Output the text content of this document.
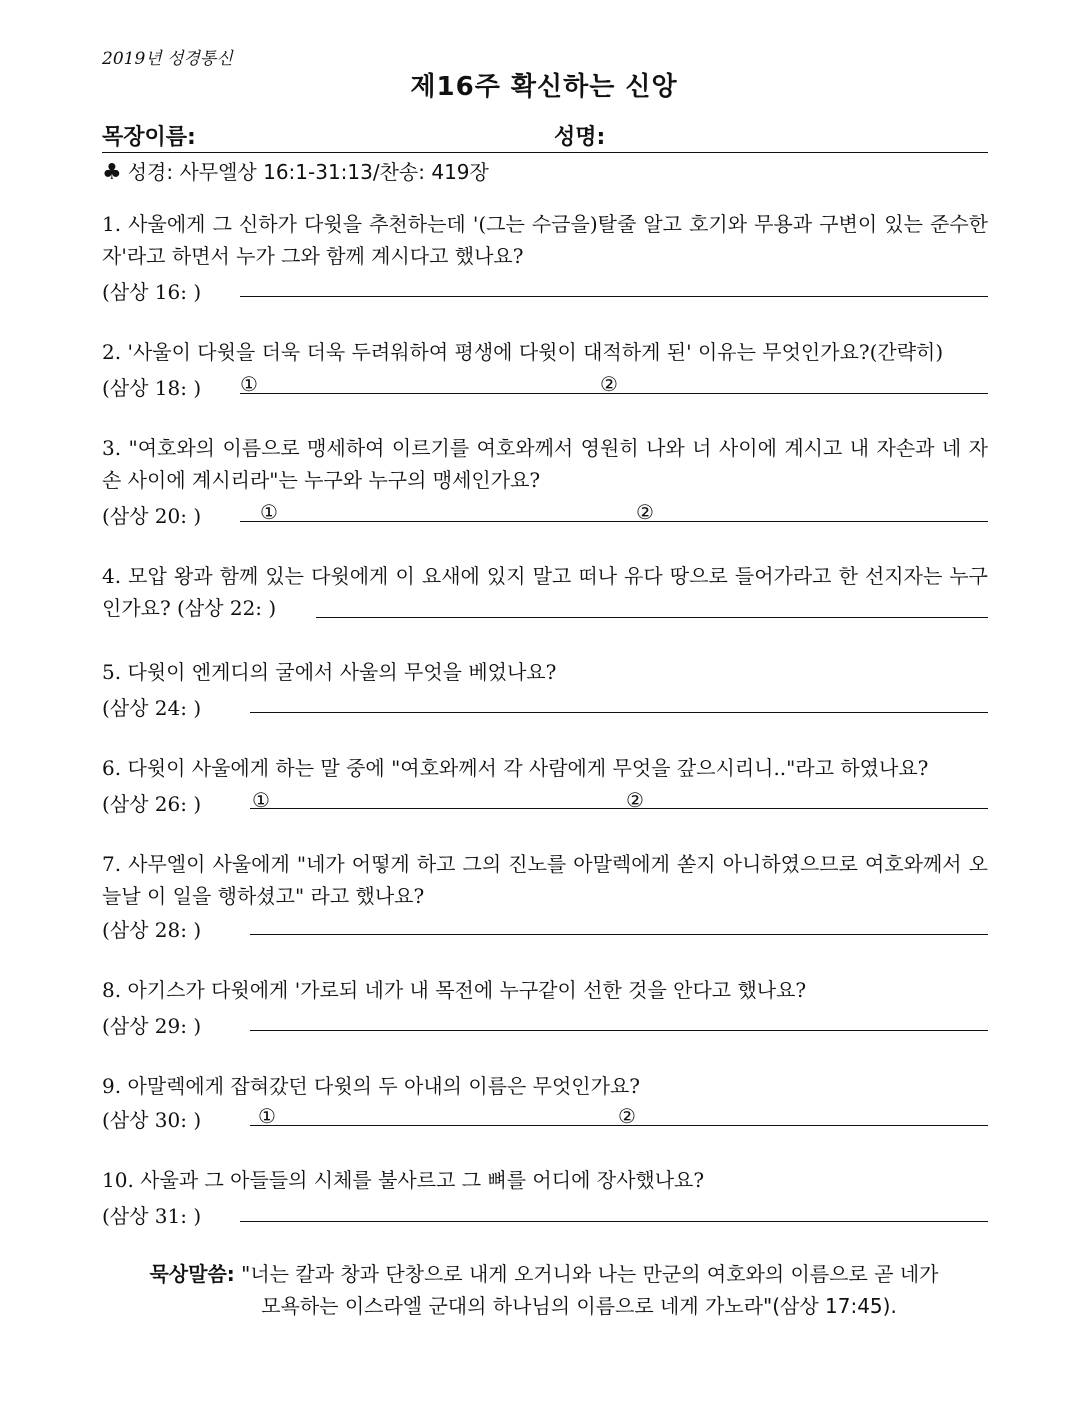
2019년 성경통신
제16주 확신하는 신앙
목장이름:	성명:
♣ 성경: 사무엘상 16:1-31:13/찬송: 419장
1. 사울에게 그 신하가 다윗을 추천하는데 '(그는 수금을)탈줄 알고 호기와 무용과 구변이 있는 준수한 자'라고 하면서 누가 그와 함께 계시다고 했나요?
(삼상 16: )
2. '사울이 다윗을 더욱 더욱 두려워하여 평생에 다윗이 대적하게 된' 이유는 무엇인가요?(간략히)
(삼상 18: ) ①	②
3. "여호와의 이름으로 맹세하여 이르기를 여호와께서 영원히 나와 너 사이에 계시고 내 자손과 네 자손 사이에 계시리라"는 누구와 누구의 맹세인가요?
(삼상 20: )	①	②
4. 모압 왕과 함께 있는 다윗에게 이 요새에 있지 말고 떠나 유다 땅으로 들어가라고 한 선지자는 누구인가요? (삼상 22: )
5. 다윗이 엔게디의 굴에서 사울의 무엇을 베었나요?
(삼상 24: )
6. 다윗이 사울에게 하는 말 중에 "여호와께서 각 사람에게 무엇을 갚으시리니.."라고 하였나요?
(삼상 26: )	①	②
7. 사무엘이 사울에게 "네가 어떻게 하고 그의 진노를 아말렉에게 쏟지 아니하였으므로 여호와께서 오늘날 이 일을 행하셨고" 라고 했나요?
(삼상 28: )
8. 아기스가 다윗에게 '가로되 네가 내 목전에 누구같이 선한 것을 안다고 했나요?
(삼상 29: )
9. 아말렉에게 잡혀갔던 다윗의 두 아내의 이름은 무엇인가요?
(삼상 30: )	①	②
10. 사울과 그 아들들의 시체를 불사르고 그 뼈를 어디에 장사했나요?
(삼상 31: )
묵상말씀: "너는 칼과 창과 단창으로 내게 오거니와 나는 만군의 여호와의 이름으로 곧 네가
모욕하는 이스라엘 군대의 하나님의 이름으로 네게 가노라"(삼상 17:45).
